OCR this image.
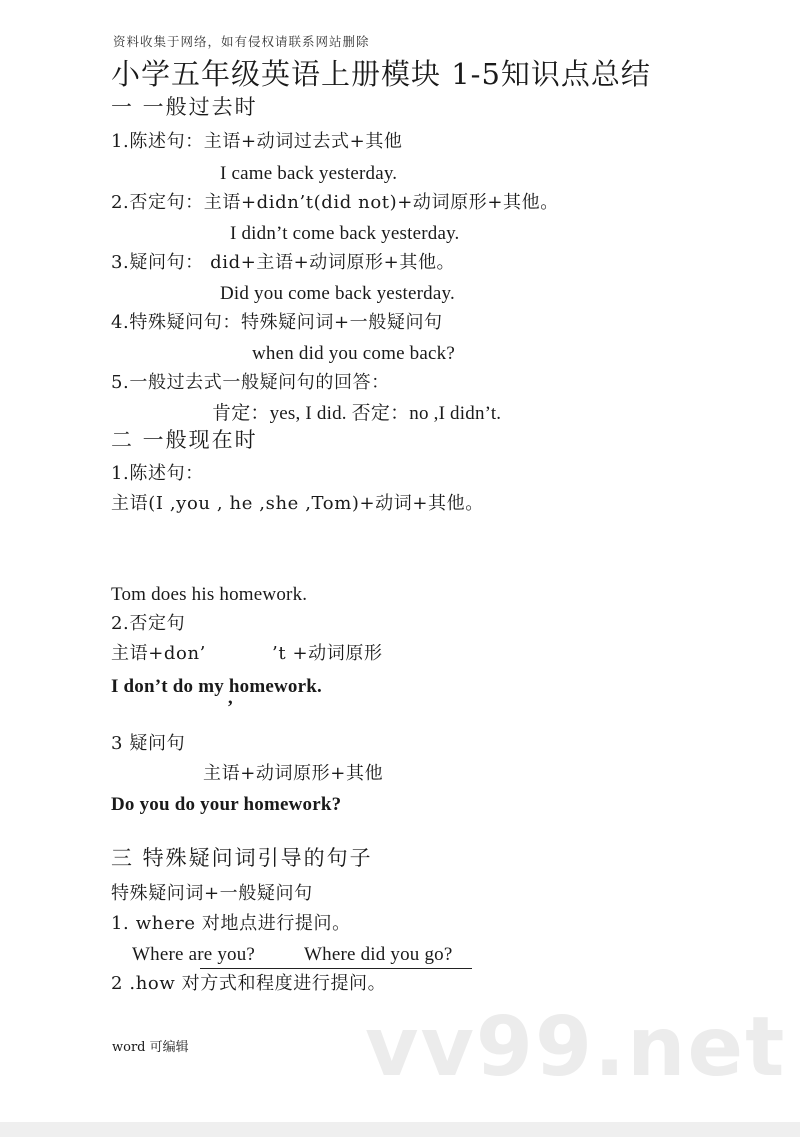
资料收集于网络，如有侵权请联系网站删除
小学五年级英语上册模块 1-5知识点总结
一 一般过去时
1.陈述句：主语+动词过去式+其他
I came back yesterday.
2.否定句：主语+didn’t(did not)+动词原形+其他。
I didn’t come back yesterday.
3.疑问句： did+主语+动词原形+其他。
Did you come back yesterday.
4.特殊疑问句：特殊疑问词+一般疑问句
when did you come back?
5.一般过去式一般疑问句的回答：
肯定：yes, I did. 否定：no ,I didn’t.
二 一般现在时
1.陈述句：
主语(I ,you , he ,she ,Tom)+动词+其他。
Tom does his homework.
2.否定句
主语+don’	’t +动词原形
I don’t do my homework.
’
3 疑问句
主语+动词原形+其他
Do you do your homework?
三 特殊疑问词引导的句子
特殊疑问词+一般疑问句
1. where 对地点进行提问。
Where are you?	Where did you go?
2 .how 对方式和程度进行提问。
vv99.net
word 可编辑
